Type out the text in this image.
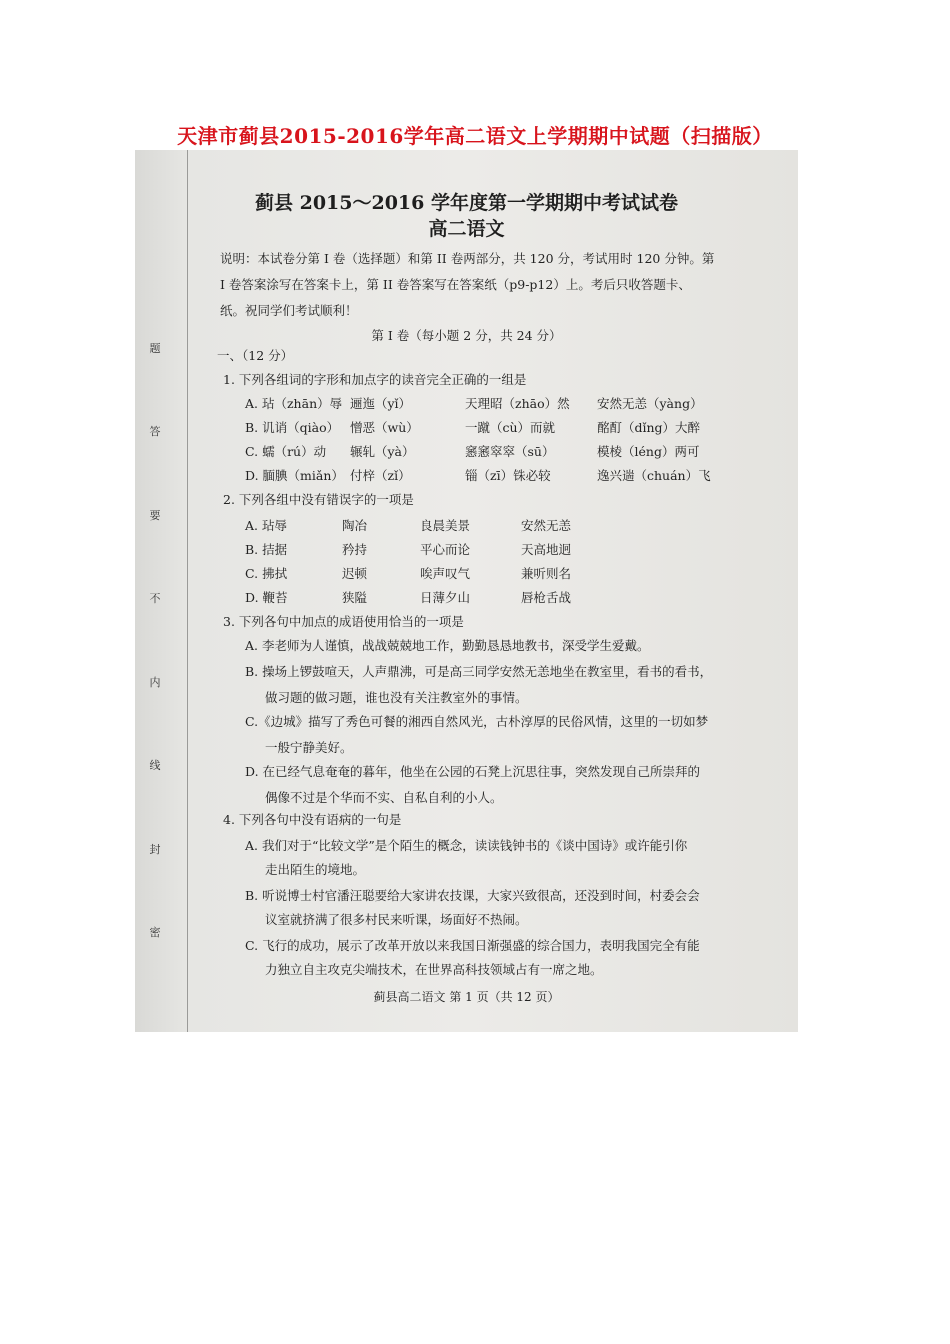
天津市蓟县2015-2016学年高二语文上学期期中试题（扫描版）
题
答
要
不
内
线
封
密
蓟县 2015～2016 学年度第一学期期中考试试卷
高二语文
说明：本试卷分第 I 卷（选择题）和第 II 卷两部分，共 120 分，考试用时 120 分钟。第
I 卷答案涂写在答案卡上，第 II 卷答案写在答案纸（p9-p12）上。考后只收答题卡、
纸。祝同学们考试顺利！
第 I 卷（每小题 2 分，共 24 分）
一、（12 分）
1. 下列各组词的字形和加点字的读音完全正确的一组是
A. 玷（zhān）辱 逦迤（yǐ）	天理昭（zhāo）然 安然无恙（yàng）
B. 讥诮（qiào） 憎恶（wù）	一蹴（cù）而就	酩酊（dǐng）大醉
C. 蠕（rú）动 辗轧（yà）	窸窸窣窣（sū）	模棱（léng）两可
D. 腼腆（miǎn） 付梓（zǐ）	锱（zī）铢必较	逸兴遄（chuán）飞
2. 下列各组中没有错误字的一项是
A. 玷辱	陶冶	良晨美景	安然无恙
B. 拮据	矜持	平心而论	天高地迥
C. 拂拭	迟顿	唉声叹气	兼听则名
D. 鞭苔	狭隘	日薄夕山	唇枪舌战
3. 下列各句中加点的成语使用恰当的一项是
A. 李老师为人谨慎，战战兢兢地工作，勤勤恳恳地教书，深受学生爱戴。
B. 操场上锣鼓喧天，人声鼎沸，可是高三同学安然无恙地坐在教室里，看书的看书，
做习题的做习题，谁也没有关注教室外的事情。
C.《边城》描写了秀色可餐的湘西自然风光，古朴淳厚的民俗风情，这里的一切如梦
一般宁静美好。
D. 在已经气息奄奄的暮年，他坐在公园的石凳上沉思往事，突然发现自己所崇拜的
偶像不过是个华而不实、自私自利的小人。
4. 下列各句中没有语病的一句是
A. 我们对于“比较文学”是个陌生的概念，读读钱钟书的《谈中国诗》或许能引你
走出陌生的境地。
B. 听说博士村官潘汪聪要给大家讲农技课，大家兴致很高，还没到时间，村委会会
议室就挤满了很多村民来听课，场面好不热闹。
C. 飞行的成功，展示了改革开放以来我国日渐强盛的综合国力，表明我国完全有能
力独立自主攻克尖端技术，在世界高科技领域占有一席之地。
蓟县高二语文 第 1 页（共 12 页）
